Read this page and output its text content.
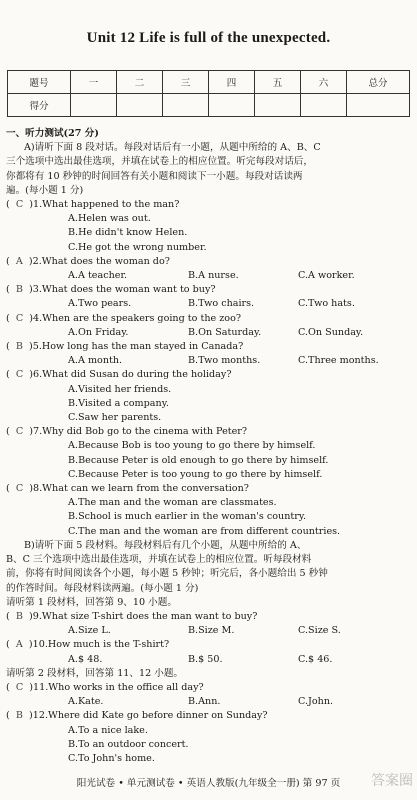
Unit 12 Life is full of the unexpected.
题号	一	二	三	四	五	六	总分
得分							
一、听力测试(27 分)
A)请听下面 8 段对话。每段对话后有一小题，从题中所给的 A、B、C
三个选项中选出最佳选项，并填在试卷上的相应位置。听完每段对话后，
你都将有 10 秒钟的时间回答有关小题和阅读下一小题。每段对话读两
遍。(每小题 1 分)
(  C  )1.What happened to the man?
A.Helen was out.
B.He didn't know Helen.
C.He got the wrong number.
(  A  )2.What does the woman do?
A.A teacher.	B.A nurse.	C.A worker.
(  B  )3.What does the woman want to buy?
A.Two pears.	B.Two chairs.	C.Two hats.
(  C  )4.When are the speakers going to the zoo?
A.On Friday.	B.On Saturday.	C.On Sunday.
(  B  )5.How long has the man stayed in Canada?
A.A month.	B.Two months.	C.Three months.
(  C  )6.What did Susan do during the holiday?
A.Visited her friends.
B.Visited a company.
C.Saw her parents.
(  C  )7.Why did Bob go to the cinema with Peter?
A.Because Bob is too young to go there by himself.
B.Because Peter is old enough to go there by himself.
C.Because Peter is too young to go there by himself.
(  C  )8.What can we learn from the conversation?
A.The man and the woman are classmates.
B.School is much earlier in the woman's country.
C.The man and the woman are from different countries.
B)请听下面 5 段材料。每段材料后有几个小题，从题中所给的 A、
B、C 三个选项中选出最佳选项，并填在试卷上的相应位置。听每段材料
前，你将有时间阅读各个小题，每小题 5 秒钟；听完后，各小题给出 5 秒钟
的作答时间。每段材料读两遍。(每小题 1 分)
请听第 1 段材料，回答第 9、10 小题。
(  B  )9.What size T-shirt does the man want to buy?
A.Size L.	B.Size M.	C.Size S.
(  A  )10.How much is the T-shirt?
A.$ 48.	B.$ 50.	C.$ 46.
请听第 2 段材料，回答第 11、12 小题。
(  C  )11.Who works in the office all day?
A.Kate.	B.Ann.	C.John.
(  B  )12.Where did Kate go before dinner on Sunday?
A.To a nice lake.
B.To an outdoor concert.
C.To John's home.
阳光试卷 • 单元测试卷 • 英语人教版(九年级全一册) 第 97 页	答案圈
